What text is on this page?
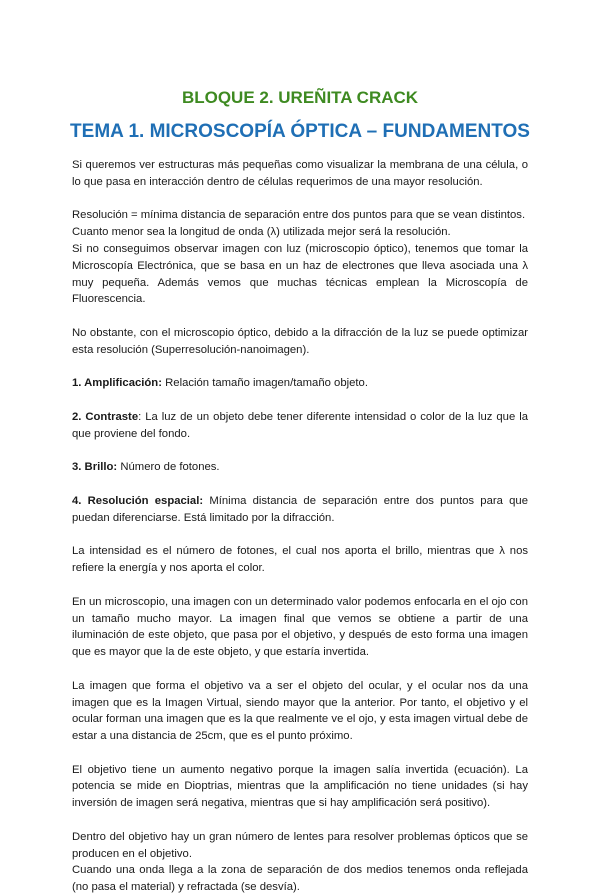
BLOQUE 2. UREÑITA CRACK
TEMA 1. MICROSCOPÍA ÓPTICA – FUNDAMENTOS

Si queremos ver estructuras más pequeñas como visualizar la membrana de una célula, o lo que pasa en interacción dentro de células requerimos de una mayor resolución.

Resolución = mínima distancia de separación entre dos puntos para que se vean distintos.

Cuanto menor sea la longitud de onda (λ) utilizada mejor será la resolución.

Si no conseguimos observar imagen con luz (microscopio óptico), tenemos que tomar la Microscopía Electrónica, que se basa en un haz de electrones que lleva asociada una λ muy pequeña. Además vemos que muchas técnicas emplean la Microscopía de Fluorescencia.

No obstante, con el microscopio óptico, debido a la difracción de la luz se puede optimizar esta resolución (Superresolución-nanoimagen).

1. Amplificación: Relación tamaño imagen/tamaño objeto.

2. Contraste: La luz de un objeto debe tener diferente intensidad o color de la luz que la que proviene del fondo.

3. Brillo: Número de fotones.

4. Resolución espacial: Mínima distancia de separación entre dos puntos para que puedan diferenciarse. Está limitado por la difracción.

La intensidad es el número de fotones, el cual nos aporta el brillo, mientras que λ nos refiere la energía y nos aporta el color.

En un microscopio, una imagen con un determinado valor podemos enfocarla en el ojo con un tamaño mucho mayor. La imagen final que vemos se obtiene a partir de una iluminación de este objeto, que pasa por el objetivo, y después de esto forma una imagen que es mayor que la de este objeto, y que estaría invertida.

La imagen que forma el objetivo va a ser el objeto del ocular, y el ocular nos da una imagen que es la Imagen Virtual, siendo mayor que la anterior. Por tanto, el objetivo y el ocular forman una imagen que es la que realmente ve el ojo, y esta imagen virtual debe de estar a una distancia de 25cm, que es el punto próximo.

El objetivo tiene un aumento negativo porque la imagen salía invertida (ecuación). La potencia se mide en Dioptrias, mientras que la amplificación no tiene unidades (si hay inversión de imagen será negativa, mientras que si hay amplificación será positivo).

Dentro del objetivo hay un gran número de lentes para resolver problemas ópticos que se producen en el objetivo.

Cuando una onda llega a la zona de separación de dos medios tenemos onda reflejada (no pasa el material) y refractada (se desvía).
